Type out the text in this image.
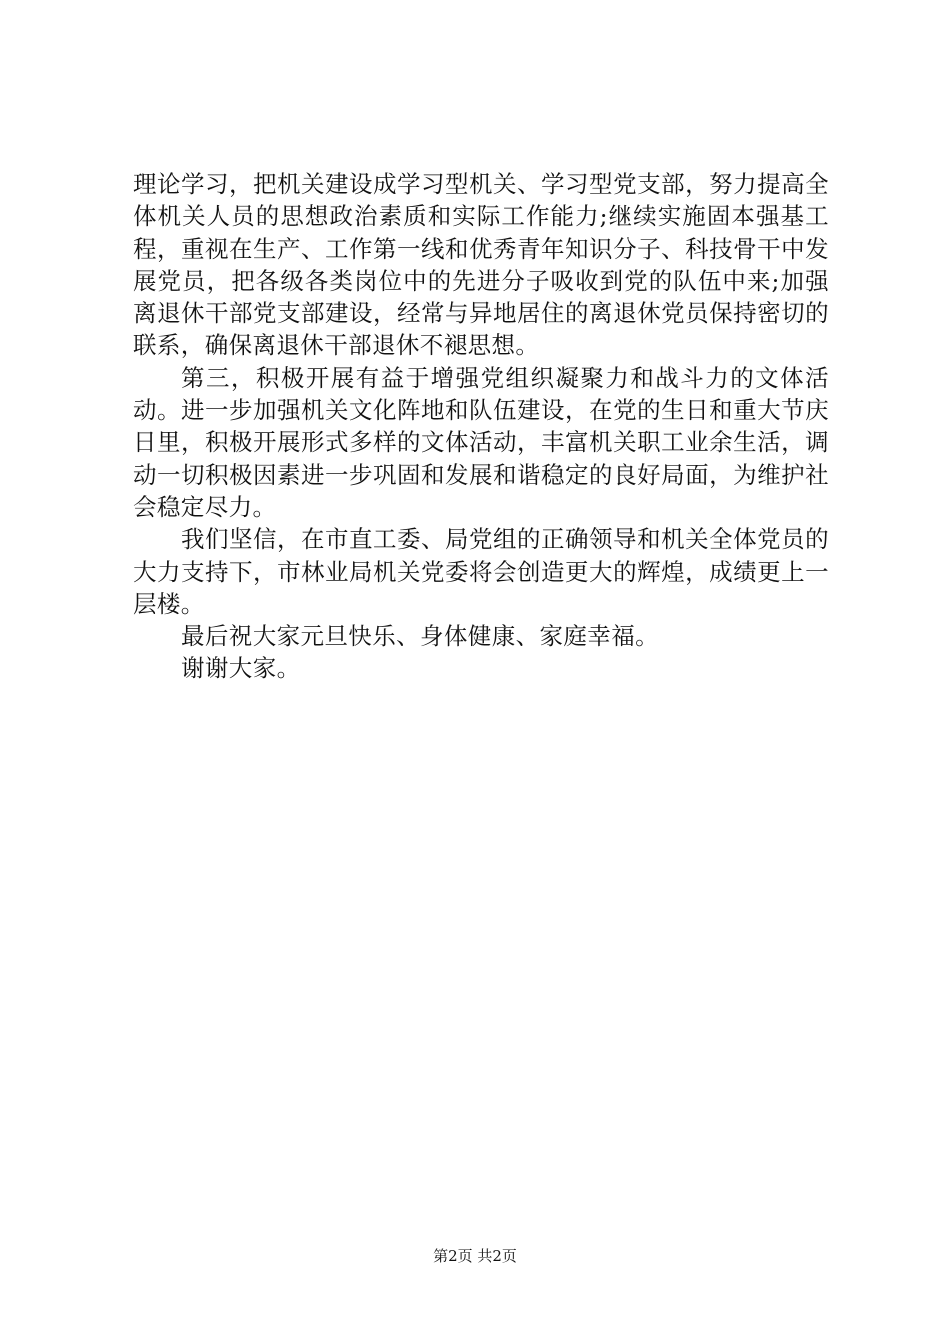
理论学习，把机关建设成学习型机关、学习型党支部，努力提高全体机关人员的思想政治素质和实际工作能力;继续实施固本强基工程，重视在生产、工作第一线和优秀青年知识分子、科技骨干中发展党员，把各级各类岗位中的先进分子吸收到党的队伍中来;加强离退休干部党支部建设，经常与异地居住的离退休党员保持密切的联系，确保离退休干部退休不褪思想。

第三，积极开展有益于增强党组织凝聚力和战斗力的文体活动。进一步加强机关文化阵地和队伍建设，在党的生日和重大节庆日里，积极开展形式多样的文体活动，丰富机关职工业余生活，调动一切积极因素进一步巩固和发展和谐稳定的良好局面，为维护社会稳定尽力。

我们坚信，在市直工委、局党组的正确领导和机关全体党员的大力支持下，市林业局机关党委将会创造更大的辉煌，成绩更上一层楼。

最后祝大家元旦快乐、身体健康、家庭幸福。

谢谢大家。

第2页 共2页
